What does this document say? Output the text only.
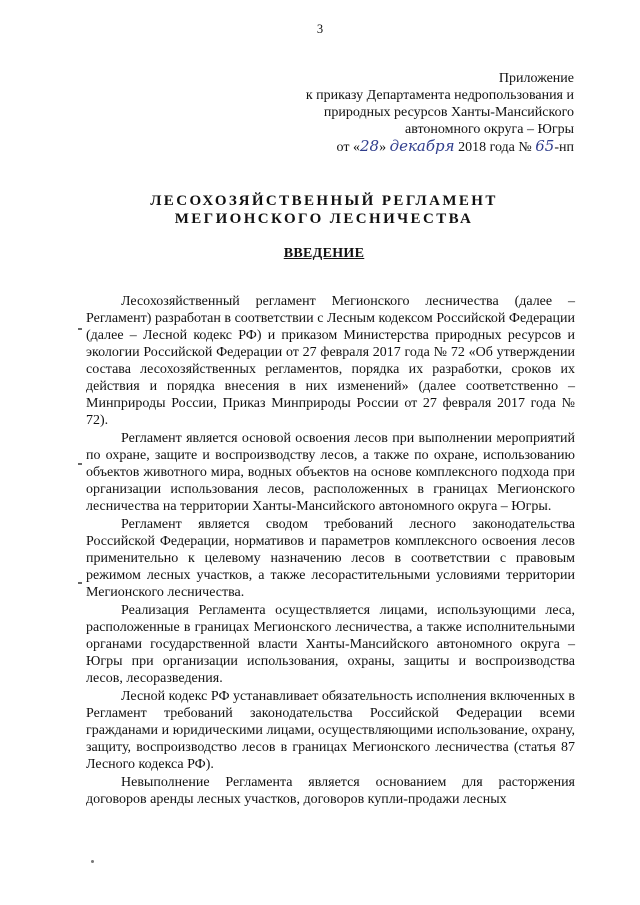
3
Приложение
к приказу Департамента недропользования и
природных ресурсов Ханты-Мансийского
автономного округа – Югры
от «28» декабря 2018 года № 65-нп
ЛЕСОХОЗЯЙСТВЕННЫЙ РЕГЛАМЕНТ
МЕГИОНСКОГО ЛЕСНИЧЕСТВА
ВВЕДЕНИЕ

Лесохозяйственный регламент Мегионского лесничества (далее – Регламент) разработан в соответствии с Лесным кодексом Российской Федерации (далее – Лесной кодекс РФ) и приказом Министерства природных ресурсов и экологии Российской Федерации от 27 февраля 2017 года № 72 «Об утверждении состава лесохозяйственных регламентов, порядка их разработки, сроков их действия и порядка внесения в них изменений» (далее соответственно – Минприроды России, Приказ Минприроды России от 27 февраля 2017 года № 72).

Регламент является основой освоения лесов при выполнении мероприятий по охране, защите и воспроизводству лесов, а также по охране, использованию объектов животного мира, водных объектов на основе комплексного подхода при организации использования лесов, расположенных в границах Мегионского лесничества на территории Ханты-Мансийского автономного округа – Югры.

Регламент является сводом требований лесного законодательства Российской Федерации, нормативов и параметров комплексного освоения лесов применительно к целевому назначению лесов в соответствии с правовым режимом лесных участков, а также лесорастительными условиями территории Мегионского лесничества.

Реализация Регламента осуществляется лицами, использующими леса, расположенные в границах Мегионского лесничества, а также исполнительными органами государственной власти Ханты-Мансийского автономного округа – Югры при организации использования, охраны, защиты и воспроизводства лесов, лесоразведения.

Лесной кодекс РФ устанавливает обязательность исполнения включенных в Регламент требований законодательства Российской Федерации всеми гражданами и юридическими лицами, осуществляющими использование, охрану, защиту, воспроизводство лесов в границах Мегионского лесничества (статья 87 Лесного кодекса РФ).

Невыполнение Регламента является основанием для расторжения договоров аренды лесных участков, договоров купли-продажи лесных
